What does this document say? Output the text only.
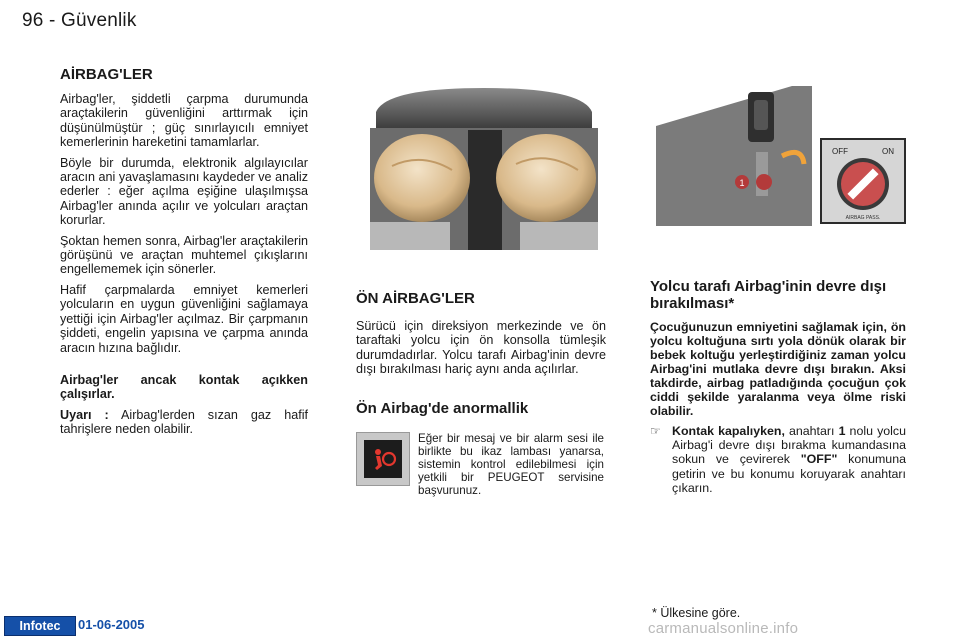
96 - Güvenlik
AİRBAG'LER

Airbag'ler, şiddetli çarpma durumunda araçtakilerin güvenliğini arttırmak için düşünülmüştür ; güç sınırlayıcılı emniyet kemerlerinin hareketini tamamlarlar.

Böyle bir durumda, elektronik algılayıcılar aracın ani yavaşlamasını kaydeder ve analiz ederler : eğer açılma eşiğine ulaşılmışsa Airbag'ler anında açılır ve yolcuları araçtan korurlar.

Şoktan hemen sonra, Airbag'ler araçtakilerin görüşünü ve araçtan muhtemel çıkışlarını engellememek için sönerler.

Hafif çarpmalarda emniyet kemerleri yolcuların en uygun güvenliğini sağlamaya yettiği için Airbag'ler açılmaz. Bir çarpmanın şiddeti, engelin yapısına ve çarpma anında aracın hızına bağlıdır.

Airbag'ler ancak kontak açıkken çalışırlar.

Uyarı : Airbag'lerden sızan gaz hafif tahrişlere neden olabilir.

1
OFF	ON
AIRBAG PASS.
ÖN AİRBAG'LER

Sürücü için direksiyon merkezinde ve ön taraftaki yolcu için ön konsolla tümleşik durumdadırlar. Yolcu tarafı Airbag'inin devre dışı bırakılması hariç aynı anda açılırlar.

Ön Airbag'de anormallik
Eğer bir mesaj ve bir alarm sesi ile birlikte bu ikaz lambası yanarsa, sistemin kontrol edilebilmesi için yetkili bir PEUGEOT servisine başvurunuz.
Yolcu tarafı Airbag'inin devre dışı bırakılması*

Çocuğunuzun emniyetini sağlamak için, ön yolcu koltuğuna sırtı yola dönük olarak bir bebek koltuğu yerleştirdiğiniz zaman yolcu Airbag'ini mutlaka devre dışı bırakın. Aksi takdirde, airbag patladığında çocuğun çok ciddi şekilde yaralanma veya ölme riski olabilir.

☞ Kontak kapalıyken, anahtarı 1 nolu yolcu Airbag'i devre dışı bırakma kumandasına sokun ve çevirerek "OFF" konumuna getirin ve bu konumu koruyarak anahtarı çıkarın.
* Ülkesine göre.
Infotec	01-06-2005	carmanualsonline.info
